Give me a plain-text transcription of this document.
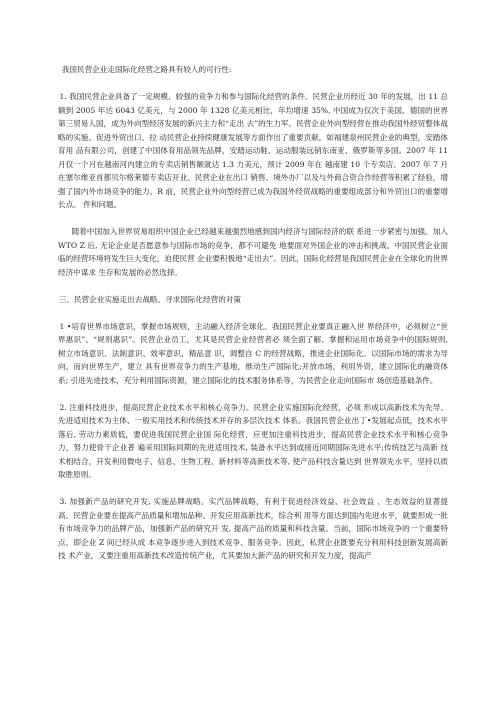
我国民营企业走国际化经营之路具有较人的可行性:

1. 我国民营企业具备了一定规模、较强的竞争力和参与国际化经营的条件。民营企业历经近 30 年的发展，出 11 总额到 2005 年达 6043 亿美元，与 2000 年 1328 亿美元相比，年均增速 35%, 中国成为仅次于美国、德国的世界第三贸易人国，成为外向型经济发展的新兴主力和“走出 去”的生力军。民营企业外向型经营在推动我国外经贸整体战略的实施、促进外贸出口、拉 动民营企业持续健康发展等方面作出了重要贡献。如福建泉州民营企业的典型，安踏体育用 品有限公司，创建了中国体育用品领先品牌，安踏运动鞋、运动服装远销东南亚、俄罗斯等多国。2007 年 11 月仅一个月在越南河内建立的专卖店销售额就达 1.3 力美元，预计 2009 年在 越南建 10 个专卖店。2007 年 7 月在塞尔维亚首都贝尔格莱德专卖店开业。民营企业在出口 销售、境外办厂以及与外商合资合作经营等积累了经验，增强了国内外市场竞争的能力。R 前，民营企业外向型经营已成为我国外经贸战略的重要组成部分和外贸出口的重要增长点。 件和问题。

随着中国加入世界贸易组织中国企业已经越来越强烈地感到国内经济与国际经济的联 系进一步紧密与加强。加入 WTO Z 后, 无论企业是否愿意参与国际市场的竞争，都不可避免 地要面对外国企业的冲击和挑战。中国民营企业面临的经营环境将发生巨大变化，迫使民营 企业要积极地“走出去”。因此，国际化经营是我国民营企业在全球化的世界经济中谋求 生存和发展的必然选择。

三、民营企业实施走出去战略、寻求国际化经营的对策

1 •培育世界市场意识，掌握市场规则，主动融入经济全球化。我国民营企业要真正融入世 界经济中，必须树立“世界惠识”、“规则惠识”。民营企业员工，尤其是民营企业经营者必 须全面了解、掌握和运用市场竞争中的国际规则, 树立市场意识、法制意识、效率意识、精品意 识，调整自 C 的经营战略，推进企业国际化。以国际市场的需求为导向，而向世界生产，建立 具有世界竞争力的生产基地，推动生产国际化;开放市场，利用外资，建立国际化的融资体系; 引进先进技术，充分利用国际资源，建立国际化的技术服务体系等，为民营企业走向国际市 场创造基础条件。

2. 注重科技进步，提高民营企业技术水平和核心竞争力。民营企业实施国际化经营，必须 形成以高新技术为先导、先进适用技术为主体、一般实用技术和传统技术并存的多层次技术 体系。我国民营企业出丁•发展起点低，技术水平落后, 劳动力素质低，要促进我国民营企业国 际化经营，应更加注重科技进步，提高民营企业技术水平和核心竞争力，努力使骨干企业普 遍采用国际同期的先进适用技术, 装备水平达到或接近同期国际先进水平;传统技艺与高新 技术相结合，开发利用微电子、信息、生物工程、新材料等高新技术等, 使产品科技含量达到 世界领先水平，坚持以质取胜原则。

3. 加强新产品的研究开发, 实施品牌战略。实汽品牌战略，有利于促进经济效益、社会效益 、生态效益的显著提高。民营企业要在提高产品质量和增加品种、开发应用高新技术，综合利 用等方面达到国内先进水平，就要形成一批有市场竞争力的品牌产品，加强新产品的研究开 发, 提高产品的质量和科技含量。当前，国际市场竞争的一个重要特点，即企业 Z 间已经从成 本竞争逐步进入到技术竞争、服务竞争。因此，私营企业既要充分利用科技创新发展高新技 术产业，又要注重用高新技术改造传统产业，尤其要加大新产品的研究和开发力度，提高产
